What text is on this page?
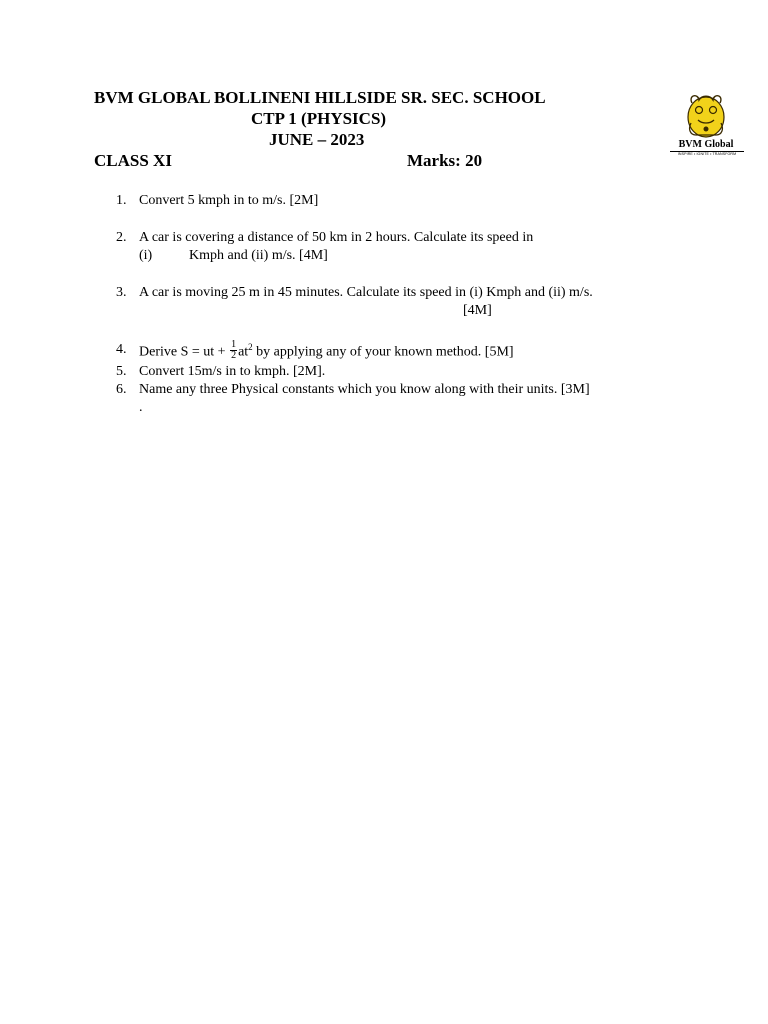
BVM GLOBAL BOLLINENI HILLSIDE SR. SEC. SCHOOL
CTP 1 (PHYSICS)
JUNE – 2023
CLASS XI	Marks: 20
BVM Global
INSPIRE • IGNITE • TRANSFORM
1. Convert 5 kmph in to m/s. [2M]
2. A car is covering a distance of 50 km in 2 hours. Calculate its speed in
(i)	Kmph and (ii) m/s. [4M]
3. A car is moving 25 m in 45 minutes. Calculate its speed in (i) Kmph and (ii) m/s.
[4M]
4. Derive S = ut + $\frac{1}{2} at^2$ by applying any of your known method. [5M]
5. Convert 15m/s in to kmph. [2M].
6. Name any three Physical constants which you know along with their units. [3M]
.
